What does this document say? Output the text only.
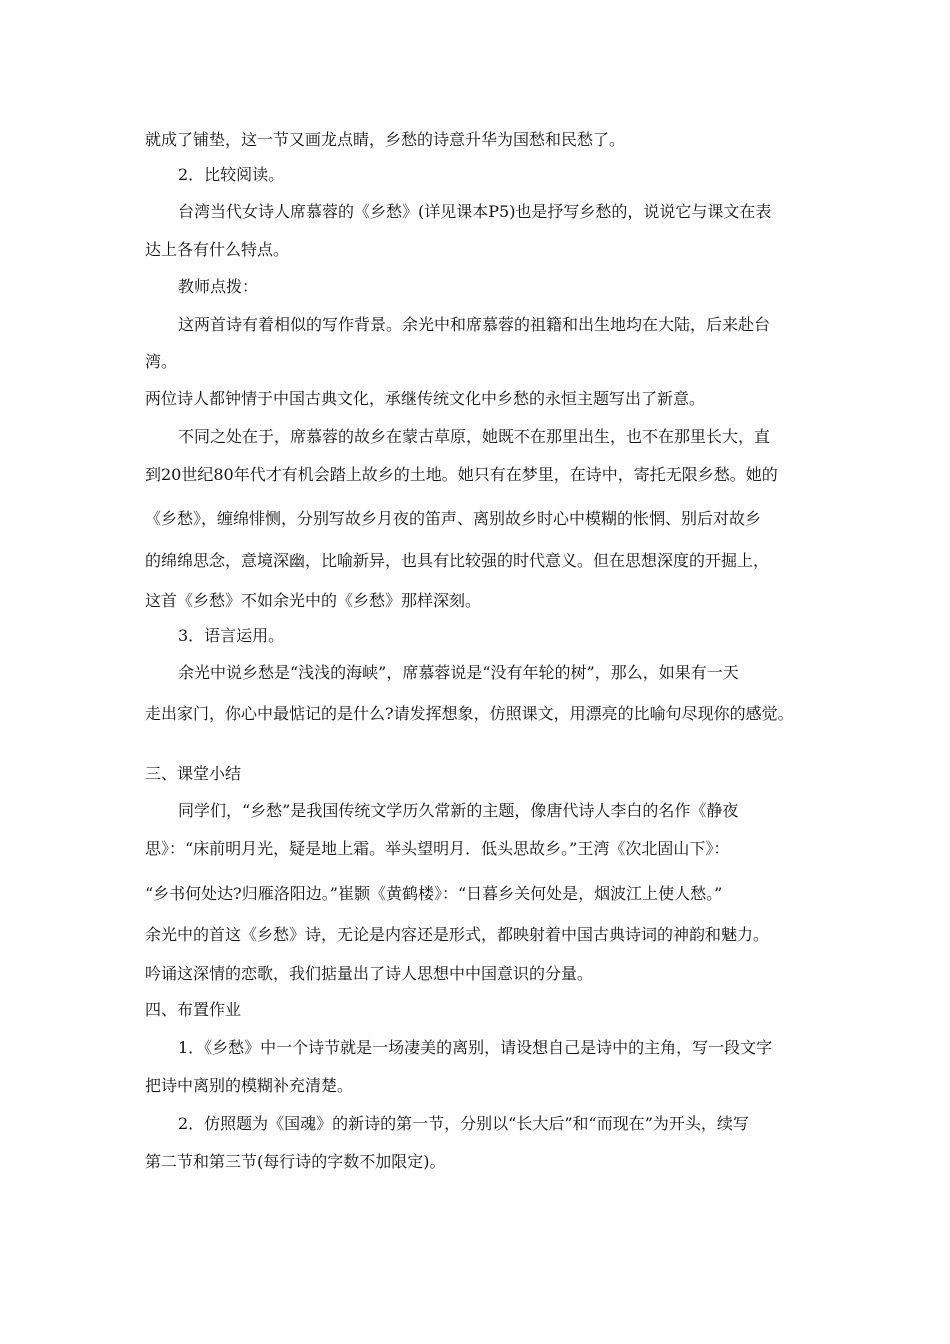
就成了铺垫，这一节又画龙点睛，乡愁的诗意升华为国愁和民愁了。
2．比较阅读。
台湾当代女诗人席慕蓉的《乡愁》(详见课本P5)也是抒写乡愁的，说说它与课文在表
达上各有什么特点。
教师点拨：
这两首诗有着相似的写作背景。余光中和席慕蓉的祖籍和出生地均在大陆，后来赴台
湾。
两位诗人都钟情于中国古典文化，承继传统文化中乡愁的永恒主题写出了新意。
不同之处在于，席慕蓉的故乡在蒙古草原，她既不在那里出生，也不在那里长大，直
到20世纪80年代才有机会踏上故乡的土地。她只有在梦里，在诗中，寄托无限乡愁。她的
《乡愁》，缠绵悱恻，分别写故乡月夜的笛声、离别故乡时心中模糊的怅惘、别后对故乡
的绵绵思念，意境深幽，比喻新异，也具有比较强的时代意义。但在思想深度的开掘上，
这首《乡愁》不如余光中的《乡愁》那样深刻。
3．语言运用。
余光中说乡愁是“浅浅的海峡”，席慕蓉说是“没有年轮的树”，那么，如果有一天
走出家门，你心中最惦记的是什么?请发挥想象，仿照课文，用漂亮的比喻句尽现你的感觉。
三、课堂小结
同学们，“乡愁”是我国传统文学历久常新的主题，像唐代诗人李白的名作《静夜
思》：“床前明月光，疑是地上霜。举头望明月．低头思故乡。”王湾《次北固山下》：
“乡书何处达?归雁洛阳边。”崔颢《黄鹤楼》：“日暮乡关何处是，烟波江上使人愁。”
余光中的首这《乡愁》诗，无论是内容还是形式，都映射着中国古典诗词的神韵和魅力。
吟诵这深情的恋歌，我们掂量出了诗人思想中中国意识的分量。
四、布置作业
1．《乡愁》中一个诗节就是一场凄美的离别，请设想自己是诗中的主角，写一段文字
把诗中离别的模糊补充清楚。
2．仿照题为《国魂》的新诗的第一节，分别以“长大后”和“而现在”为开头，续写
第二节和第三节(每行诗的字数不加限定)。
